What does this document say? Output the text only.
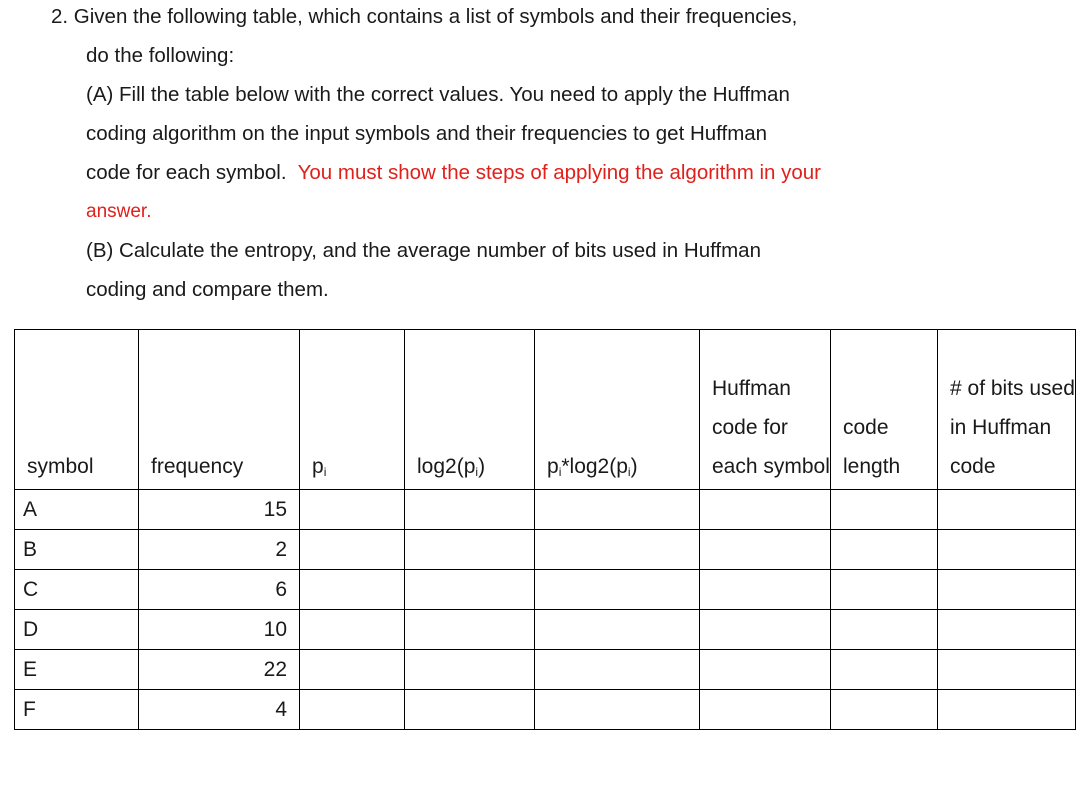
2. Given the following table, which contains a list of symbols and their frequencies,
do the following:
(A) Fill the table below with the correct values. You need to apply the Huffman
coding algorithm on the input symbols and their frequencies to get Huffman
code for each symbol. You must show the steps of applying the algorithm in your
answer.
(B) Calculate the entropy, and the average number of bits used in Huffman
coding and compare them.
symbol	frequency	$p_i$	$\log 2(p_i)$	$p_i*\log 2(p_i)$	Huffman code for each symbol	code length	# of bits used in Huffman code

A	15						
B	2						
C	6						
D	10						
E	22						
F	4						
